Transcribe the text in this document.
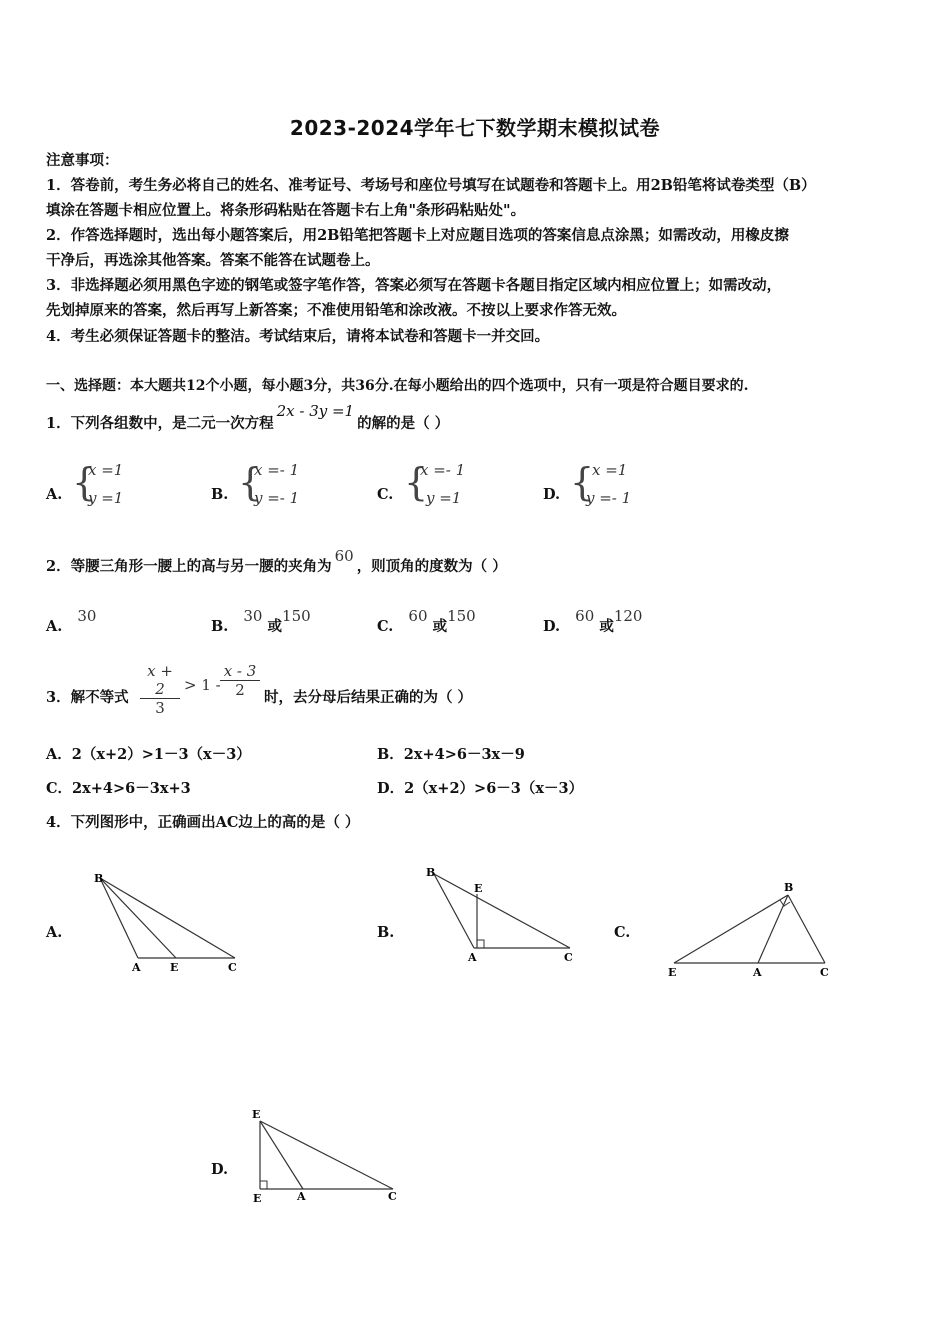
2023-2024学年七下数学期末模拟试卷
注意事项：
1．答卷前，考生务必将自己的姓名、准考证号、考场号和座位号填写在试题卷和答题卡上。用2B铅笔将试卷类型（B）
填涂在答题卡相应位置上。将条形码粘贴在答题卡右上角"条形码粘贴处"。
2．作答选择题时，选出每小题答案后，用2B铅笔把答题卡上对应题目选项的答案信息点涂黑；如需改动，用橡皮擦
干净后，再选涂其他答案。答案不能答在试题卷上。
3．非选择题必须用黑色字迹的钢笔或签字笔作答，答案必须写在答题卡各题目指定区域内相应位置上；如需改动，
先划掉原来的答案，然后再写上新答案；不准使用铅笔和涂改液。不按以上要求作答无效。
4．考生必须保证答题卡的整洁。考试结束后，请将本试卷和答题卡一并交回。
一、选择题：本大题共12个小题，每小题3分，共36分.在每小题给出的四个选项中，只有一项是符合题目要求的.
1．下列各组数中，是二元一次方程2x - 3y =1的解的是（ ）
A. {
x =1
y =1	B. {
x =- 1
y =- 1	C. {
x =- 1
y =1	D. {
x =1
y =- 1
2．等腰三角形一腰上的高与另一腰的夹角为60，则顶角的度数为（ ）
A. 30
B. 30 或150
C. 60 或150
D. 60 或120
3．解不等式 $\frac{x + 2}{3} > 1 - \frac{x - 3}{2}$ 时，去分母后结果正确的为（ ）
A．2（x+2）>1－3（x－3）	B．2x+4>6－3x－9
C．2x+4>6－3x+3	D．2（x+2）>6－3（x－3）
4．下列图形中，正确画出AC边上的高的是（ ）
A.
B
A	E	C
B.
B
E
A	C
C.
B
E	A	C
D.
E
E	A	C
